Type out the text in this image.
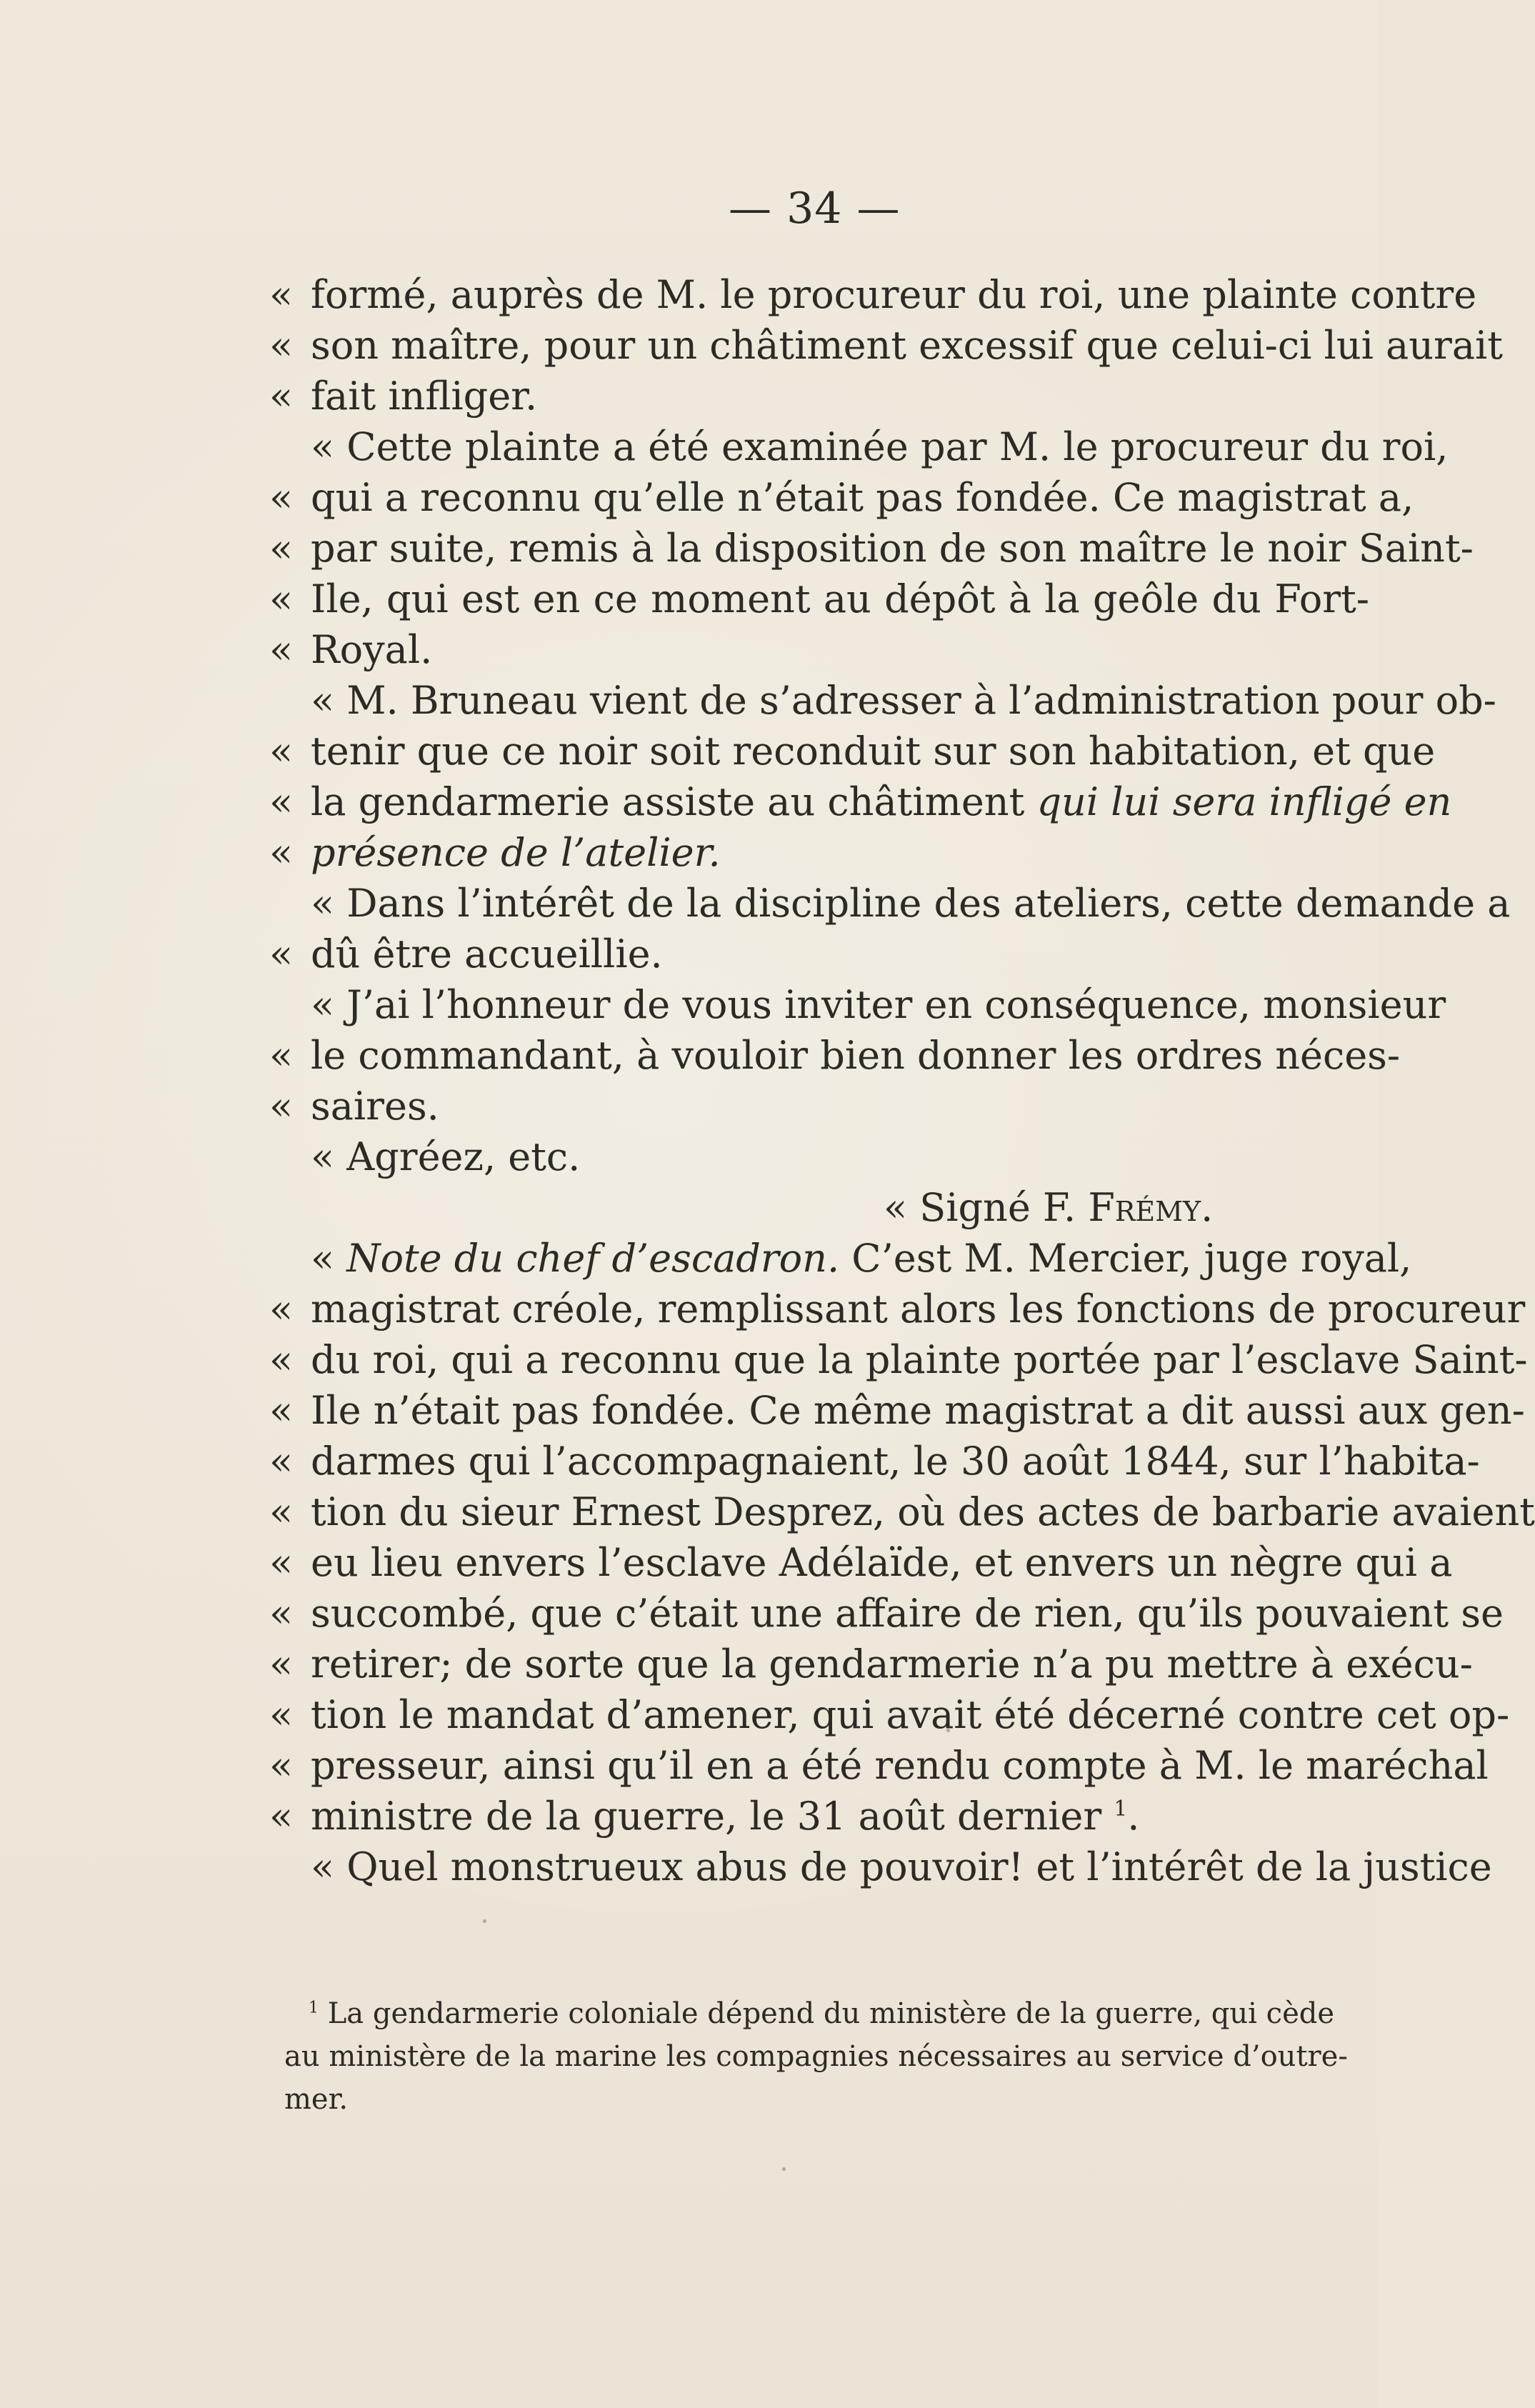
— 34 —
« formé, auprès de M. le procureur du roi, une plainte contre
« son maître, pour un châtiment excessif que celui-ci lui aurait
« fait infliger.
« Cette plainte a été examinée par M. le procureur du roi,
« qui a reconnu qu’elle n’était pas fondée. Ce magistrat a,
« par suite, remis à la disposition de son maître le noir Saint-
« Ile, qui est en ce moment au dépôt à la geôle du Fort-
« Royal.
« M. Bruneau vient de s’adresser à l’administration pour ob-
« tenir que ce noir soit reconduit sur son habitation, et que
« la gendarmerie assiste au châtiment qui lui sera infligé en
« présence de l’atelier.
« Dans l’intérêt de la discipline des ateliers, cette demande a
« dû être accueillie.
« J’ai l’honneur de vous inviter en conséquence, monsieur
« le commandant, à vouloir bien donner les ordres néces-
« saires.
« Agréez, etc.
« Signé F. Frémy.
« Note du chef d’escadron. C’est M. Mercier, juge royal,
« magistrat créole, remplissant alors les fonctions de procureur
« du roi, qui a reconnu que la plainte portée par l’esclave Saint-
« Ile n’était pas fondée. Ce même magistrat a dit aussi aux gen-
« darmes qui l’accompagnaient, le 30 août 1844, sur l’habita-
« tion du sieur Ernest Desprez, où des actes de barbarie avaient
« eu lieu envers l’esclave Adélaïde, et envers un nègre qui a
« succombé, que c’était une affaire de rien, qu’ils pouvaient se
« retirer; de sorte que la gendarmerie n’a pu mettre à exécu-
« tion le mandat d’amener, qui avait été décerné contre cet op-
« presseur, ainsi qu’il en a été rendu compte à M. le maréchal
« ministre de la guerre, le 31 août dernier $^1$.
« Quel monstrueux abus de pouvoir! et l’intérêt de la justice
$^1$ La gendarmerie coloniale dépend du ministère de la guerre, qui cède
au ministère de la marine les compagnies nécessaires au service d’outre-
mer.
